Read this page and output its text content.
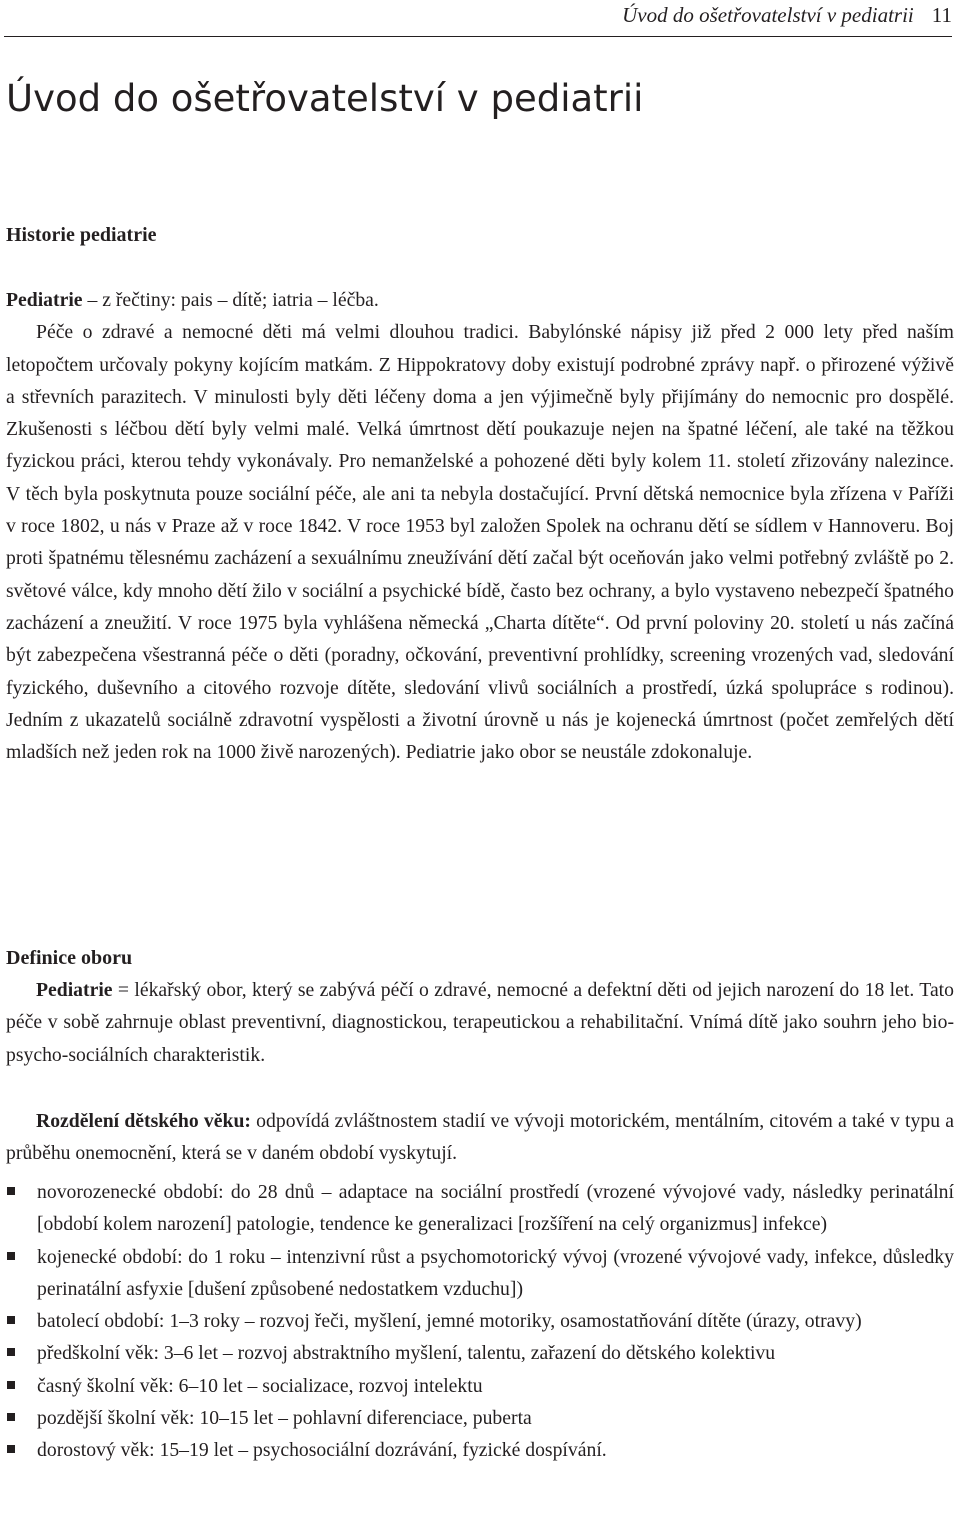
Úvod do ošetřovatelství v pediatrii 11
Úvod do ošetřovatelství v pediatrii
Historie pediatrie

Pediatrie – z řečtiny: pais – dítě; iatria – léčba.
Péče o zdravé a nemocné děti má velmi dlouhou tradici. Babylónské nápisy již před 2 000 lety před naším letopočtem určovaly pokyny kojícím matkám. Z Hippokratovy doby existují podrobné zprávy např. o přirozené výživě a střevních parazitech. V minulosti byly děti léčeny doma a jen výjimečně byly přijímány do nemocnic pro dospělé. Zkušenosti s léčbou dětí byly velmi malé. Velká úmrtnost dětí poukazuje nejen na špatné léčení, ale také na těžkou fyzickou práci, kterou tehdy vykonávaly. Pro nemanželské a pohozené děti byly kolem 11. století zřizovány nalezince. V těch byla poskytnuta pouze sociální péče, ale ani ta nebyla dostačující. První dětská nemocnice byla zřízena v Paříži v roce 1802, u nás v Praze až v roce 1842. V roce 1953 byl založen Spolek na ochranu dětí se sídlem v Hannoveru. Boj proti špatnému tělesnému zacházení a sexuálnímu zneužívání dětí začal být oceňován jako velmi potřebný zvláště po 2. světové válce, kdy mnoho dětí žilo v sociální a psychické bídě, často bez ochrany, a bylo vystaveno nebezpečí špatného zacházení a zneužití. V roce 1975 byla vyhlášena německá „Charta dítěte“. Od první poloviny 20. století u nás začíná být zabezpečena všestranná péče o děti (poradny, očkování, preventivní prohlídky, screening vrozených vad, sledování fyzického, duševního a citového rozvoje dítěte, sledování vlivů sociálních a prostředí, úzká spolupráce s rodinou). Jedním z ukazatelů sociálně zdravotní vyspělosti a životní úrovně u nás je kojenecká úmrtnost (počet zemřelých dětí mladších než jeden rok na 1000 živě narozených). Pediatrie jako obor se neustále zdokonaluje.

Definice oboru

Pediatrie = lékařský obor, který se zabývá péčí o zdravé, nemocné a defektní děti od jejich narození do 18 let. Tato péče v sobě zahrnuje oblast preventivní, diagnostickou, terapeutickou a rehabilitační. Vnímá dítě jako souhrn jeho bio-psycho-sociálních charakteristik.

Rozdělení dětského věku: odpovídá zvláštnostem stadií ve vývoji motorickém, mentálním, citovém a také v typu a průběhu onemocnění, která se v daném období vyskytují.

novorozenecké období: do 28 dnů – adaptace na sociální prostředí (vrozené vývojové vady, následky perinatální [období kolem narození] patologie, tendence ke generalizaci [rozšíření na celý organizmus] infekce)
kojenecké období: do 1 roku – intenzivní růst a psychomotorický vývoj (vrozené vývojové vady, infekce, důsledky perinatální asfyxie [dušení způsobené nedostatkem vzduchu])
batolecí období: 1–3 roky – rozvoj řeči, myšlení, jemné motoriky, osamostatňování dítěte (úrazy, otravy)
předškolní věk: 3–6 let – rozvoj abstraktního myšlení, talentu, zařazení do dětského kolektivu
časný školní věk: 6–10 let – socializace, rozvoj intelektu
pozdější školní věk: 10–15 let – pohlavní diferenciace, puberta
dorostový věk: 15–19 let – psychosociální dozrávání, fyzické dospívání.
